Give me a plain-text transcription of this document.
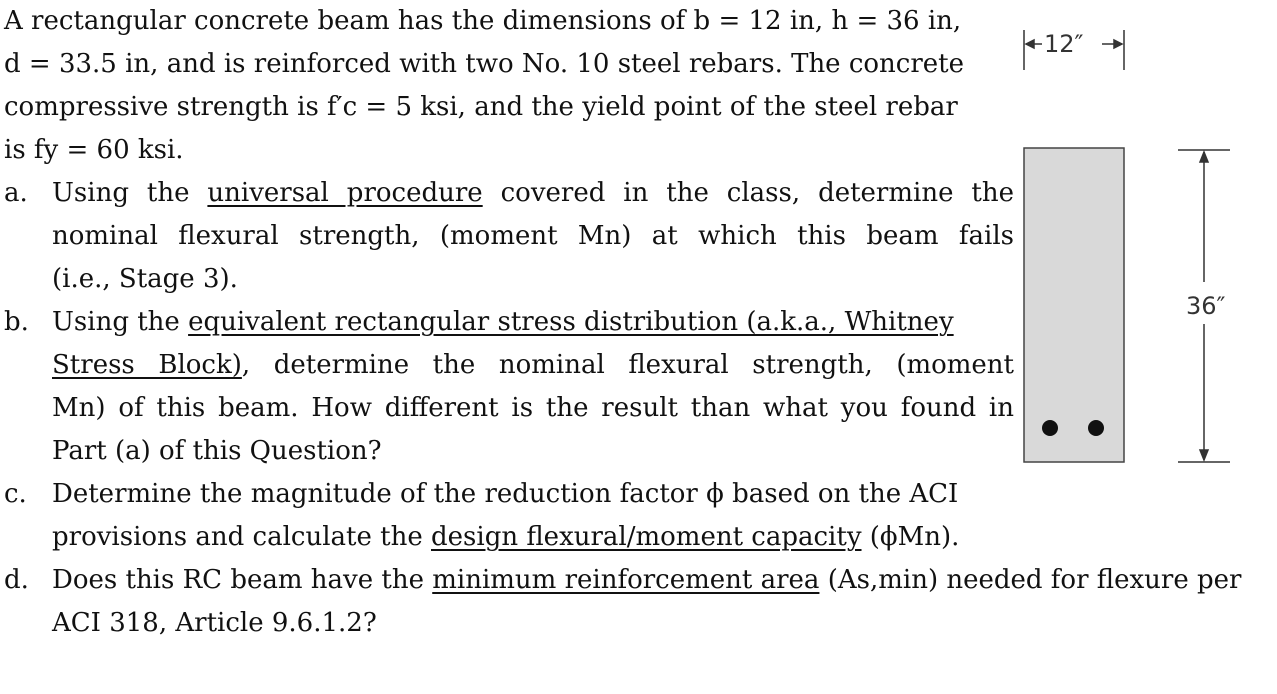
A rectangular concrete beam has the dimensions of b = 12 in, h = 36 in,
d = 33.5 in, and is reinforced with two No. 10 steel rebars. The concrete
compressive strength is f′c = 5 ksi, and the yield point of the steel rebar
is fy = 60 ksi.
a. Using the universal procedure covered in the class, determine the
nominal flexural strength, (moment Mn) at which this beam fails
(i.e., Stage 3).
b. Using the equivalent rectangular stress distribution (a.k.a., Whitney
Stress Block), determine the nominal flexural strength, (moment
Mn) of this beam. How different is the result than what you found in
Part (a) of this Question?
c. Determine the magnitude of the reduction factor ϕ based on the ACI
provisions and calculate the design flexural/moment capacity (ϕMn).
d. Does this RC beam have the minimum reinforcement area (As,min) needed for flexure per
ACI 318, Article 9.6.1.2?
12″
36″
